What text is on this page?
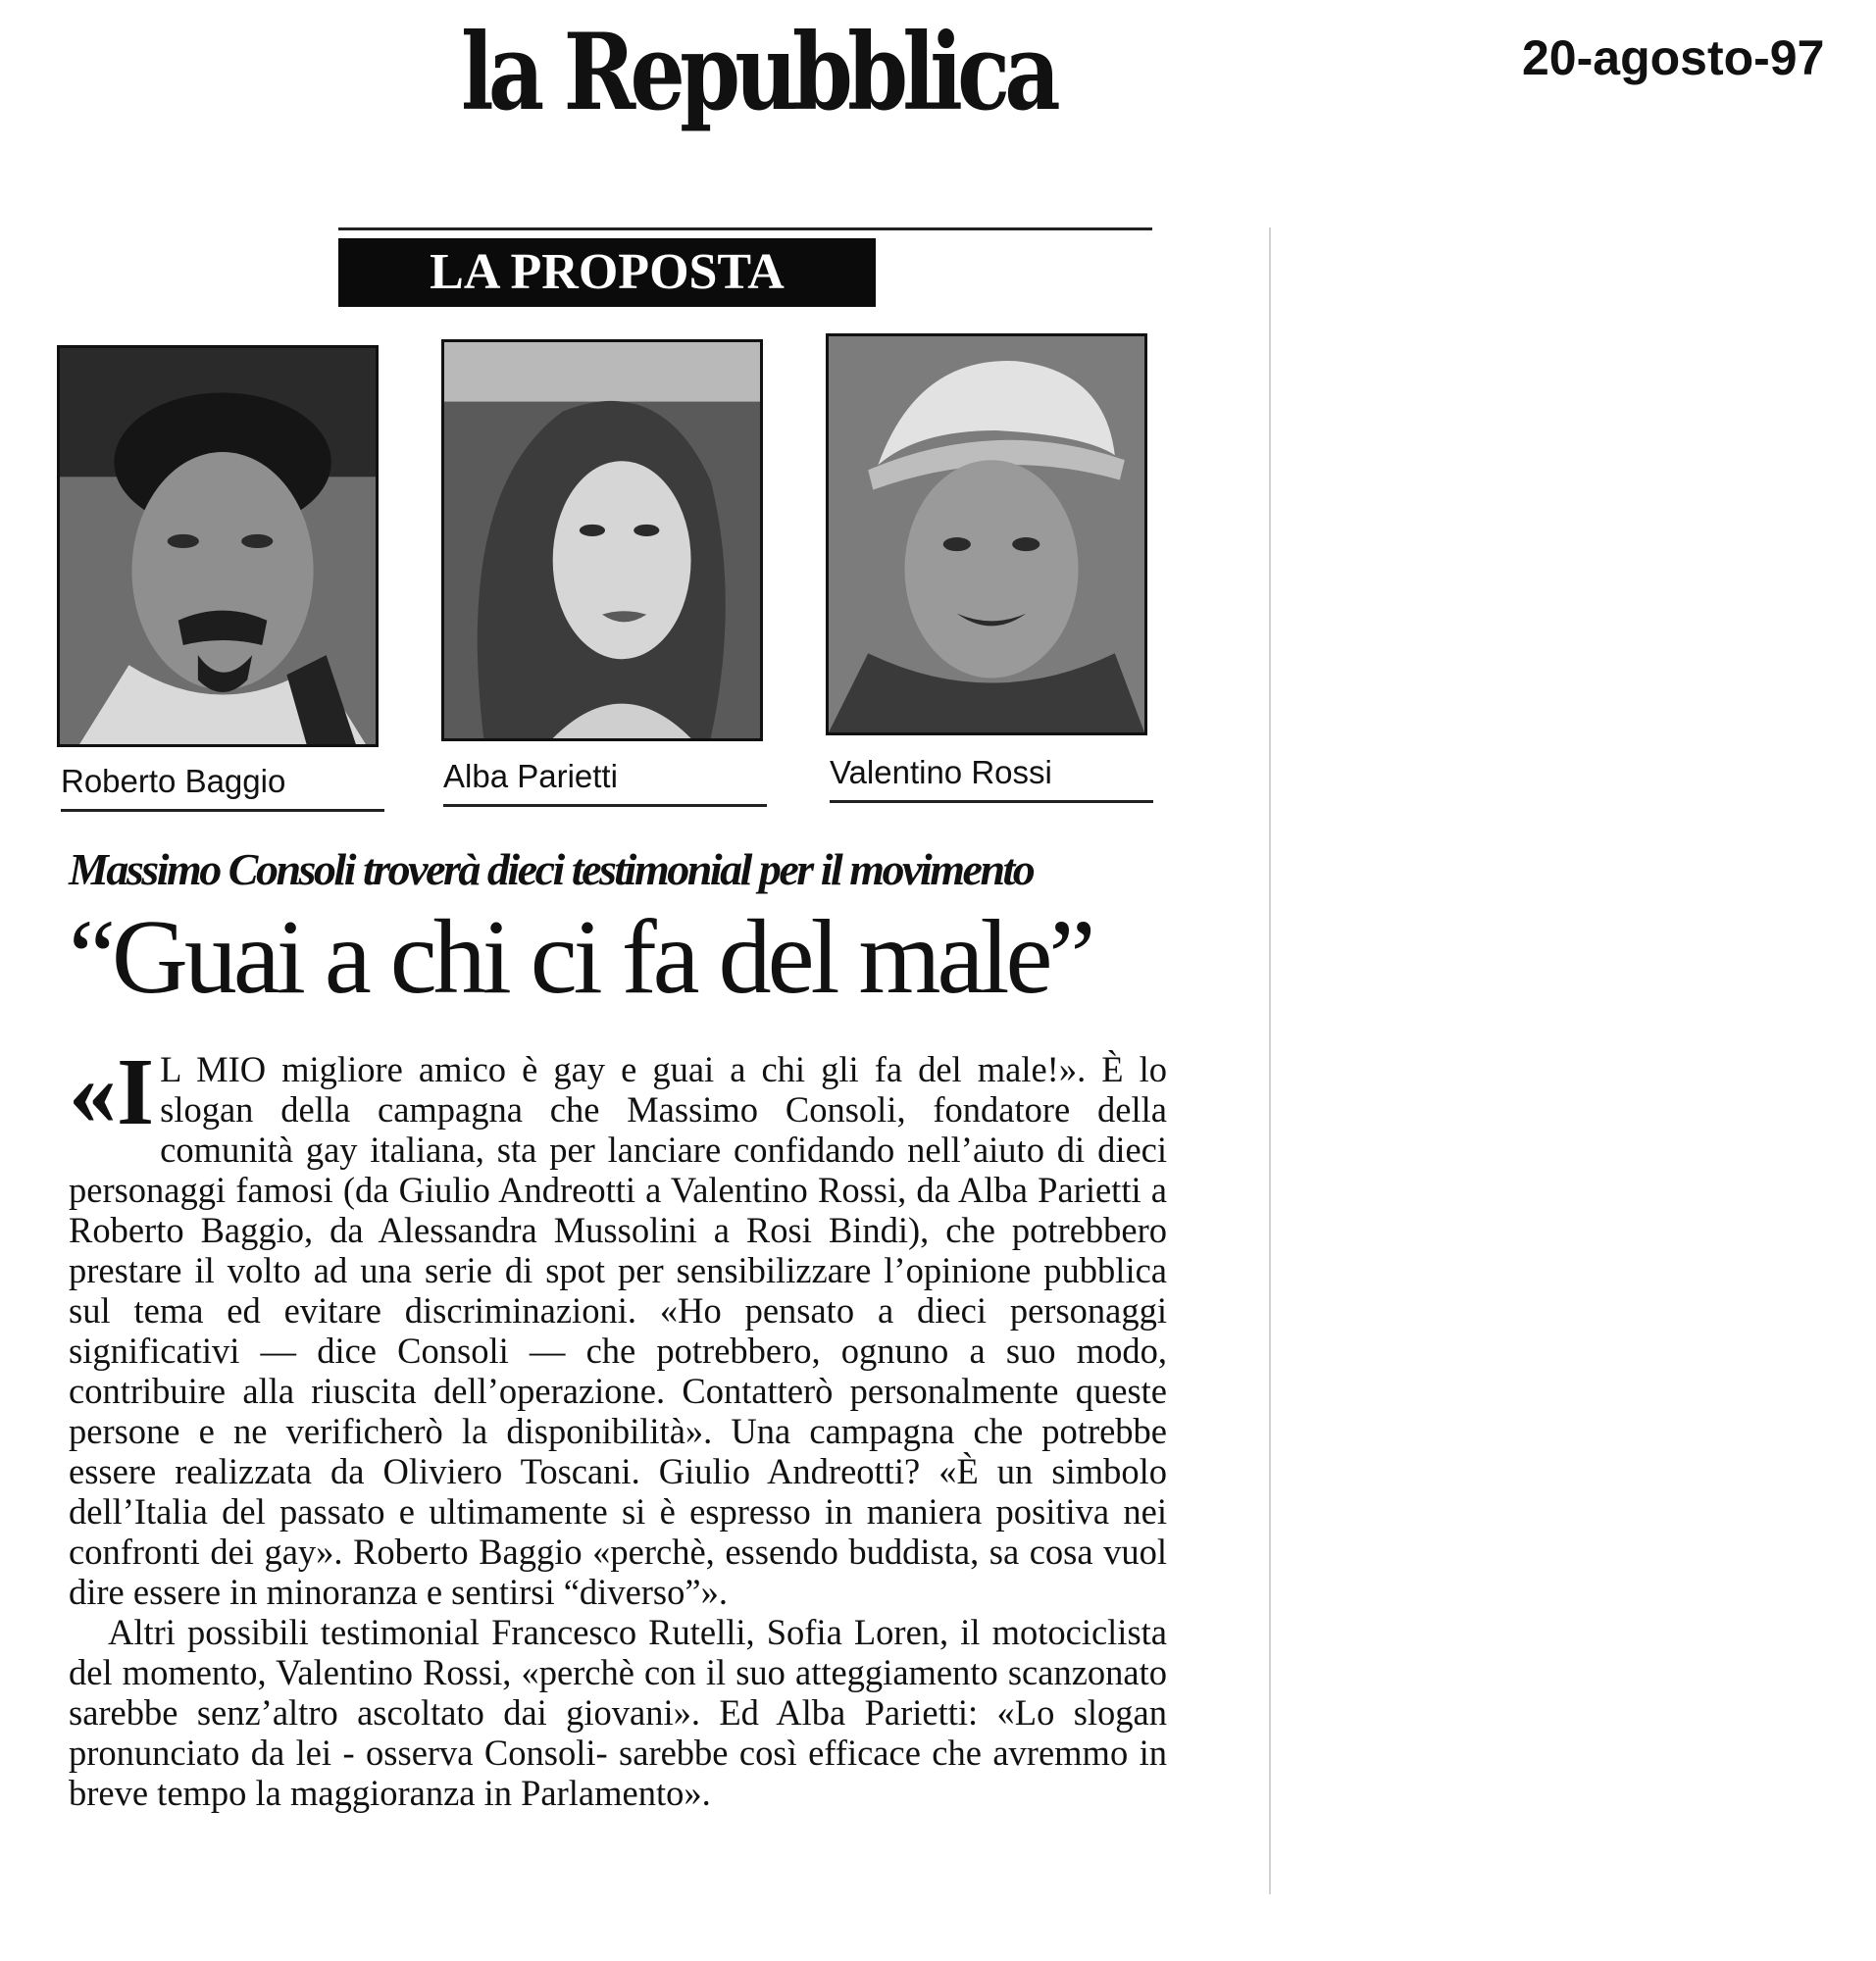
la Repubblica	20-agosto-97
LA PROPOSTA
Roberto Baggio	Alba Parietti	Valentino Rossi
Massimo Consoli troverà dieci testimonial per il movimento
“Guai a chi ci fa del male”

«I L MIO migliore amico è gay e guai a chi gli fa del male!». È lo slogan della campagna che Massimo Consoli, fondatore della comunità gay italiana, sta per lanciare confidando nell’aiuto di dieci personaggi famosi (da Giulio Andreotti a Valentino Rossi, da Alba Parietti a Roberto Baggio, da Alessandra Mussolini a Rosi Bindi), che potrebbero prestare il volto ad una serie di spot per sensibilizzare l’opinione pubblica sul tema ed evitare discriminazioni. «Ho pensato a dieci personaggi significativi — dice Consoli — che potrebbero, ognuno a suo modo, contribuire alla riuscita dell’operazione. Contatterò personalmente queste persone e ne verificherò la disponibilità». Una campagna che potrebbe essere realizzata da Oliviero Toscani. Giulio Andreotti? «È un simbolo dell’Italia del passato e ultimamente si è espresso in maniera positiva nei confronti dei gay». Roberto Baggio «perchè, essendo buddista, sa cosa vuol dire essere in minoranza e sentirsi “diverso”».

Altri possibili testimonial Francesco Rutelli, Sofia Loren, il motociclista del momento, Valentino Rossi, «perchè con il suo atteggiamento scanzonato sarebbe senz’altro ascoltato dai giovani». Ed Alba Parietti: «Lo slogan pronunciato da lei - osserva Consoli- sarebbe così efficace che avremmo in breve tempo la maggioranza in Parlamento».
